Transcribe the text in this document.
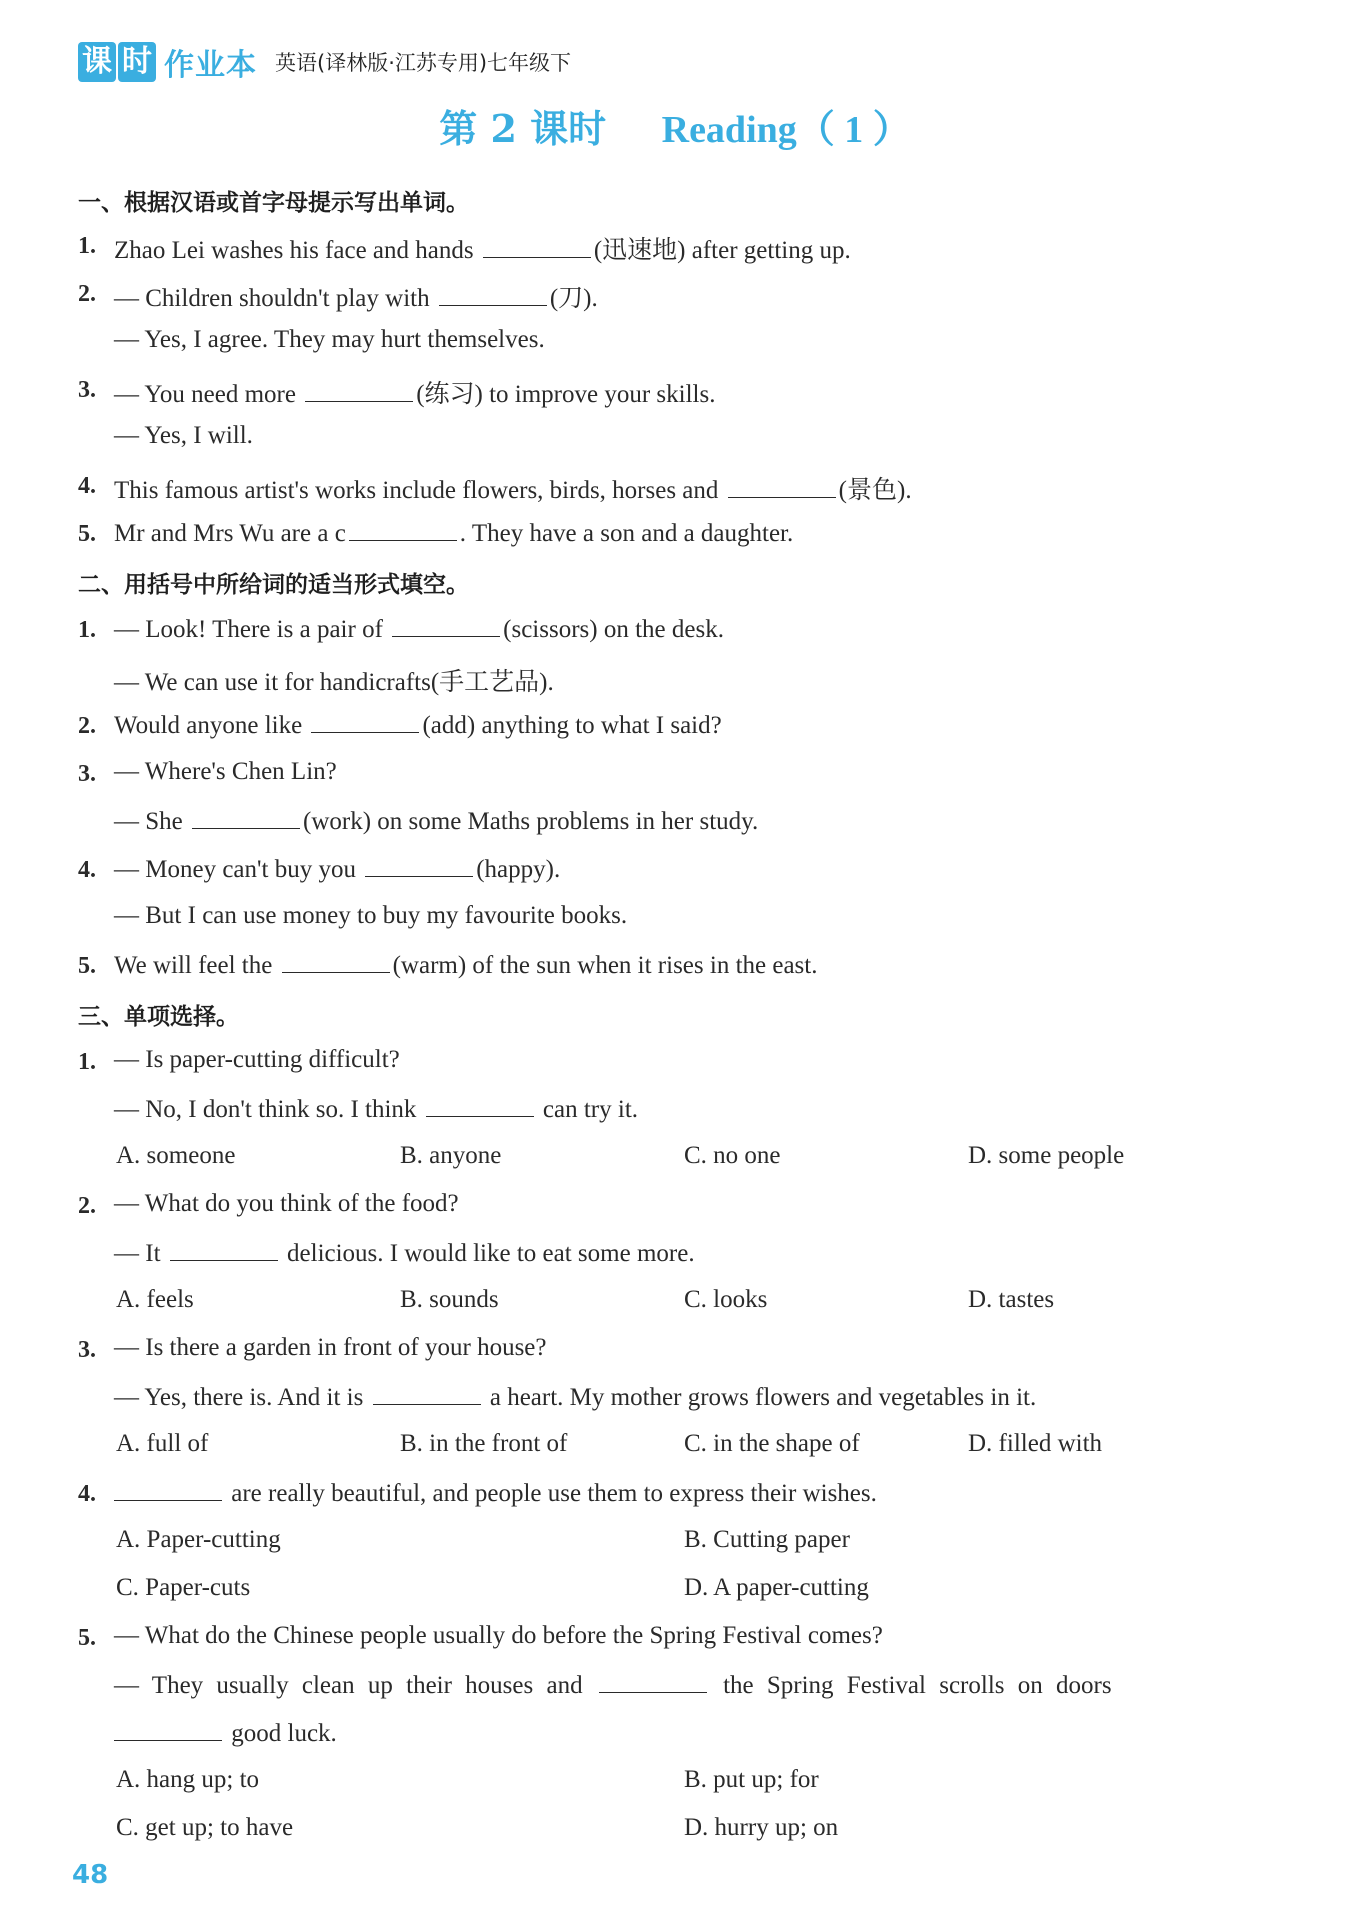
课 时 作业本 英语(译林版·江苏专用)七年级下
第 2 课时 Reading（ 1 ）
一、根据汉语或首字母提示写出单词。
1. Zhao Lei washes his face and hands	(迅速地) after getting up.
2. — Children shouldn't play with	(刀).
— Yes, I agree. They may hurt themselves.
3. — You need more	(练习) to improve your skills.
— Yes, I will.
4. This famous artist's works include flowers, birds, horses and	(景色).
5. Mr and Mrs Wu are a c	. They have a son and a daughter.
二、用括号中所给词的适当形式填空。
1. — Look! There is a pair of	(scissors) on the desk.
— We can use it for handicrafts(手工艺品).
2. Would anyone like	(add) anything to what I said?
3. — Where's Chen Lin?
— She	(work) on some Maths problems in her study.
4. — Money can't buy you	(happy).
— But I can use money to buy my favourite books.
5. We will feel the	(warm) of the sun when it rises in the east.
三、单项选择。
1. — Is paper-cutting difficult?
— No, I don't think so. I think	can try it.
A. someone	B. anyone	C. no one	D. some people
2. — What do you think of the food?
— It	delicious. I would like to eat some more.
A. feels	B. sounds	C. looks	D. tastes
3. — Is there a garden in front of your house?
— Yes, there is. And it is	a heart. My mother grows flowers and vegetables in it.
A. full of	B. in the front of	C. in the shape of	D. filled with
4.	are really beautiful, and people use them to express their wishes.
A. Paper-cutting	B. Cutting paper
C. Paper-cuts	D. A paper-cutting
5. — What do the Chinese people usually do before the Spring Festival comes?
— They usually clean up their houses and	the Spring Festival scrolls on doors
good luck.
A. hang up; to	B. put up; for
C. get up; to have	D. hurry up; on
48
